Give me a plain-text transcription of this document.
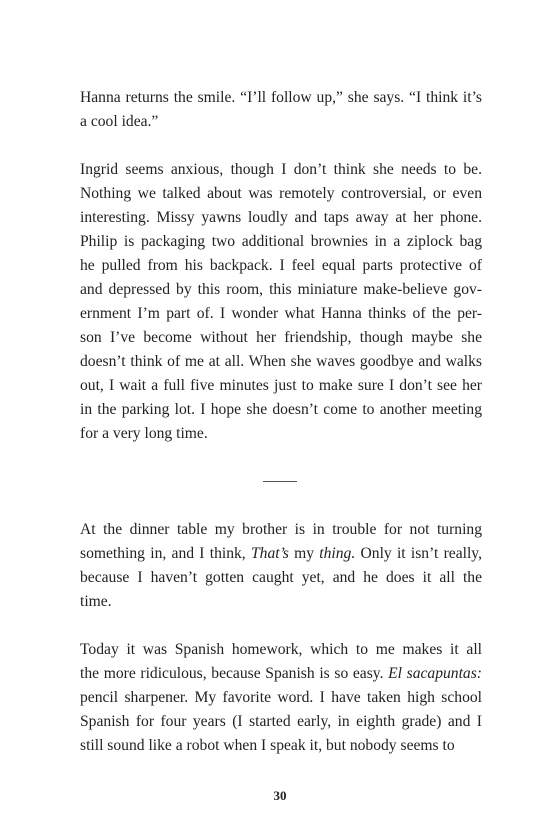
Hanna returns the smile. “I’ll follow up,” she says. “I think it’s
a cool idea.”
Ingrid seems anxious, though I don’t think she needs to be.
Nothing we talked about was remotely controversial, or even
interesting. Missy yawns loudly and taps away at her phone.
Philip is packaging two additional brownies in a ziplock bag
he pulled from his backpack. I feel equal parts protective of
and depressed by this room, this miniature make-believe gov-
ernment I’m part of. I wonder what Hanna thinks of the per-
son I’ve become without her friendship, though maybe she
doesn’t think of me at all. When she waves goodbye and walks
out, I wait a full five minutes just to make sure I don’t see her
in the parking lot. I hope she doesn’t come to another meeting
for a very long time.
At the dinner table my brother is in trouble for not turning
something in, and I think, That’s my thing. Only it isn’t really,
because I haven’t gotten caught yet, and he does it all the
time.
Today it was Spanish homework, which to me makes it all
the more ridiculous, because Spanish is so easy. El sacapuntas:
pencil sharpener. My favorite word. I have taken high school
Spanish for four years (I started early, in eighth grade) and I
still sound like a robot when I speak it, but nobody seems to
30
